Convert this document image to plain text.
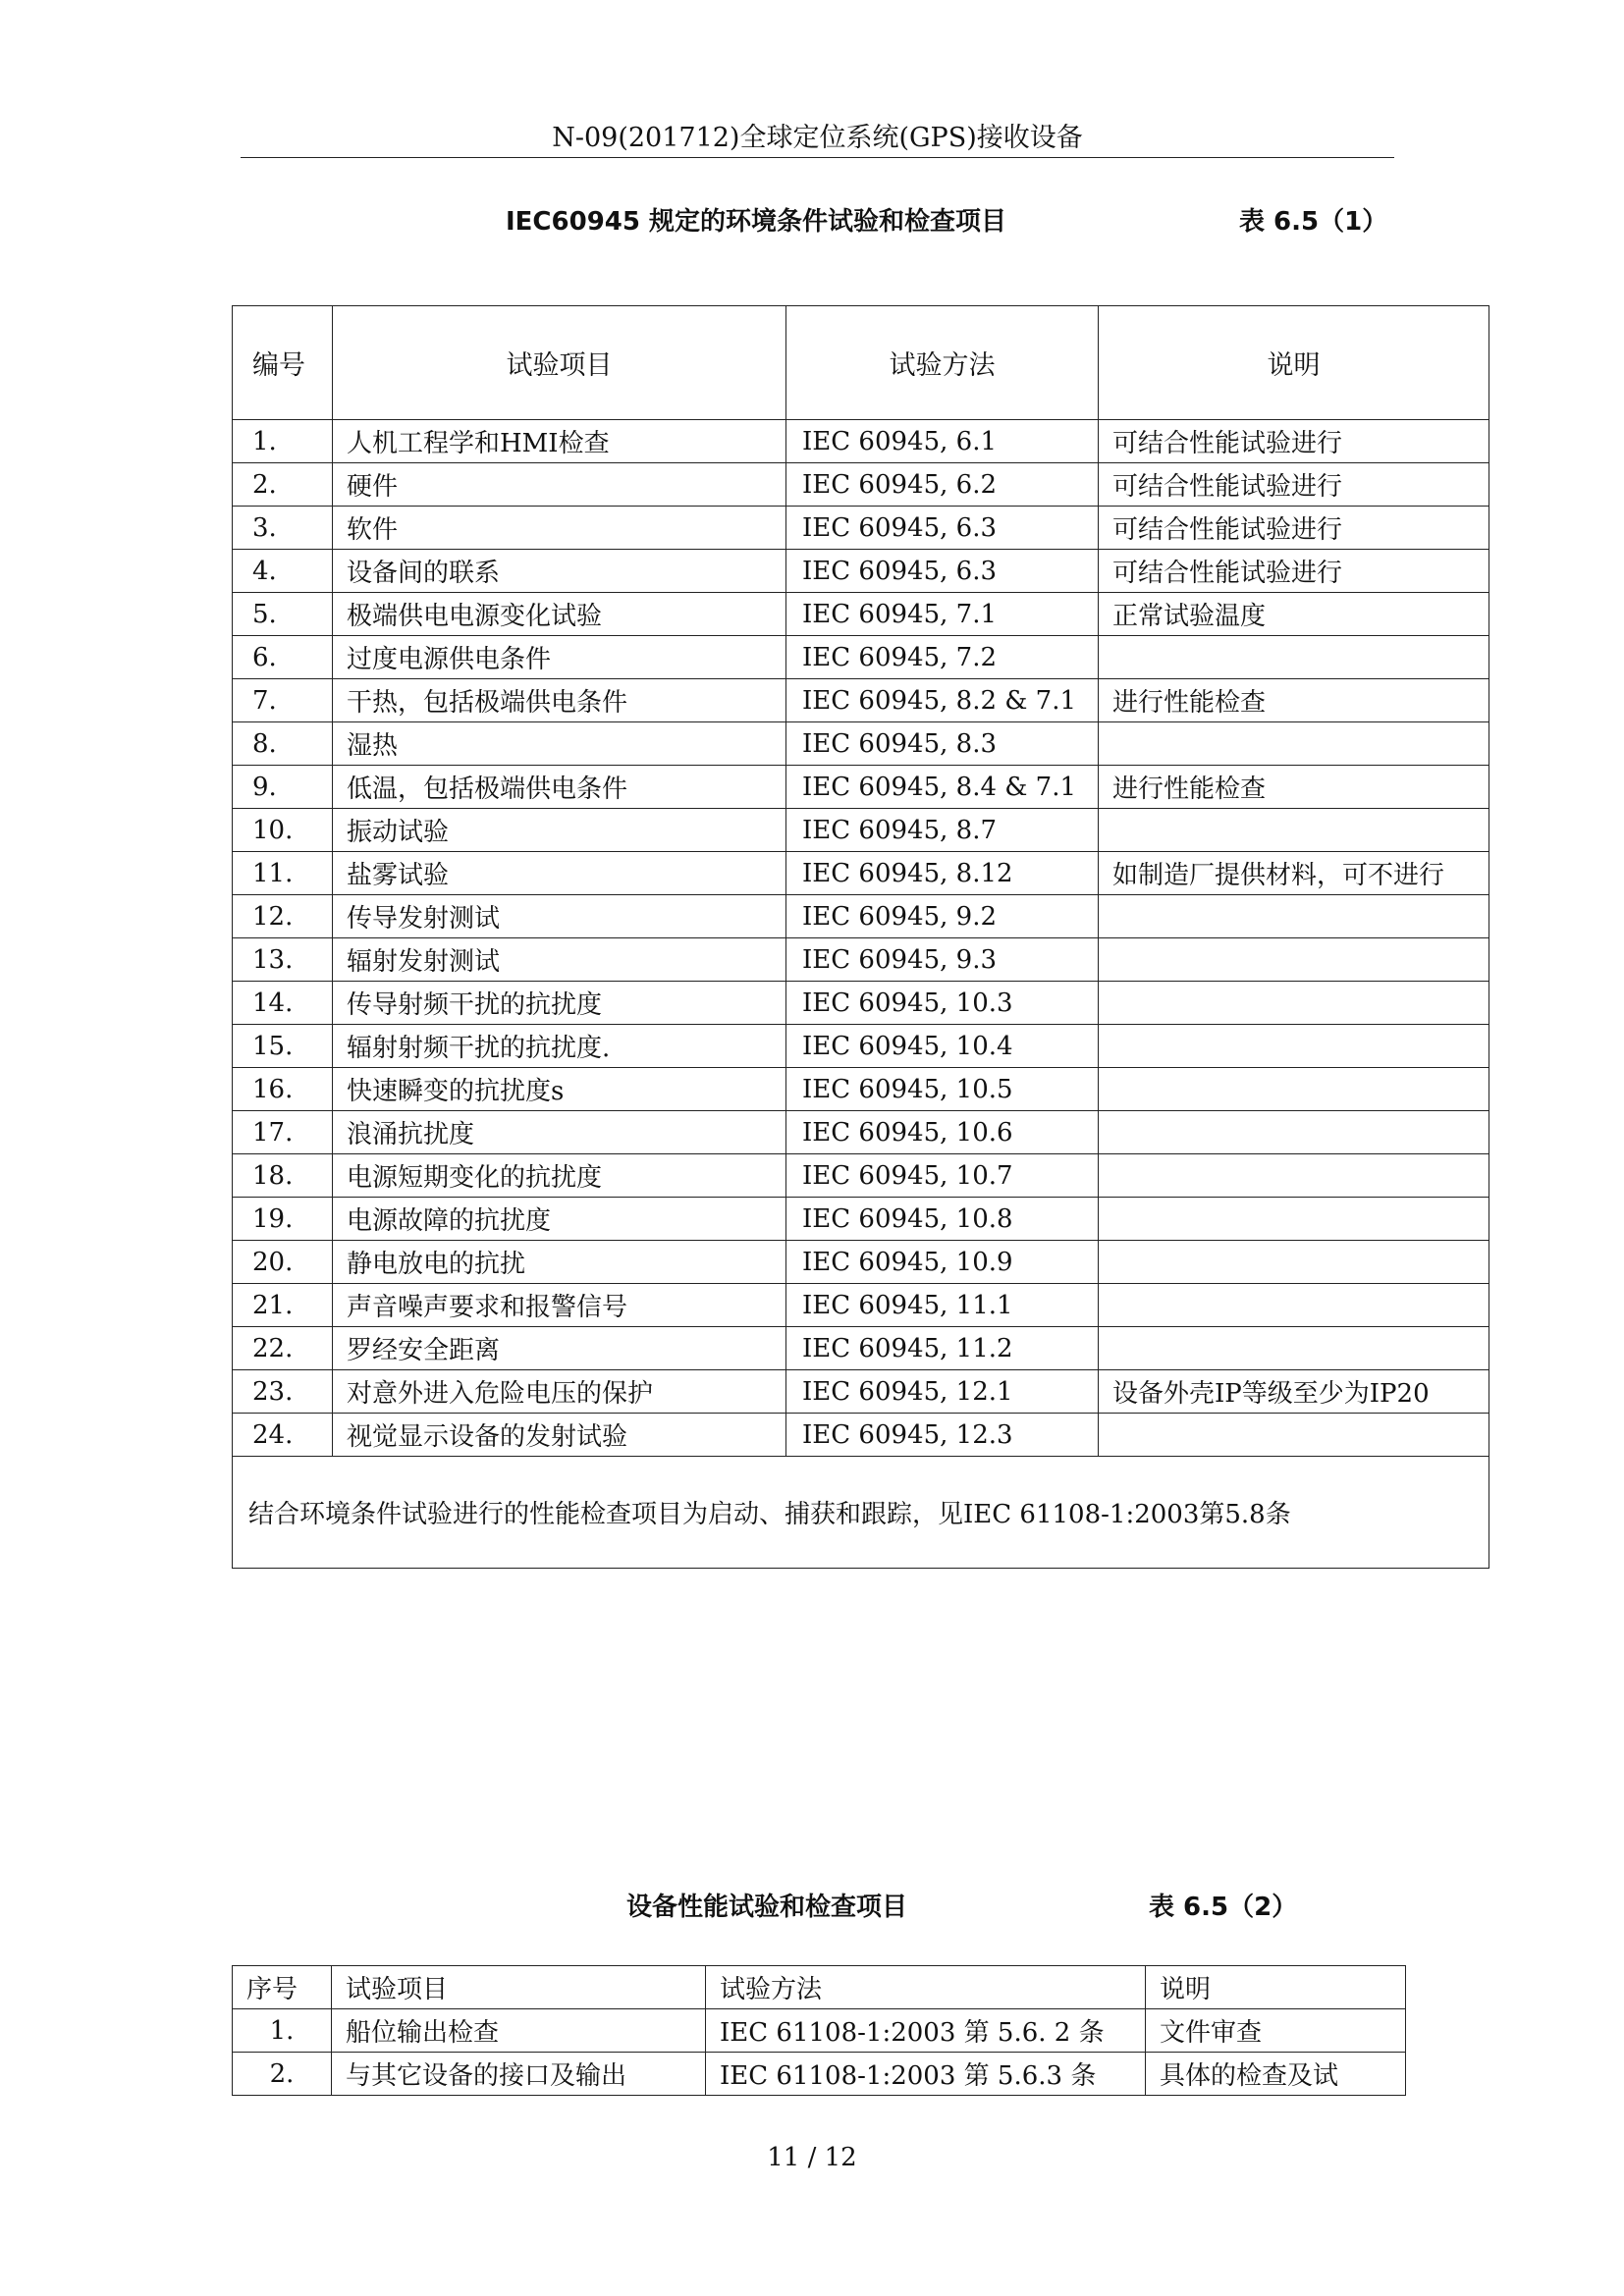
N-09(201712)全球定位系统(GPS)接收设备
IEC60945 规定的环境条件试验和检查项目	表 6.5（1）
编号	试验项目	试验方法	说明
1.	人机工程学和HMI检查	IEC 60945, 6.1	可结合性能试验进行
2.	硬件	IEC 60945, 6.2	可结合性能试验进行
3.	软件	IEC 60945, 6.3	可结合性能试验进行
4.	设备间的联系	IEC 60945, 6.3	可结合性能试验进行
5.	极端供电电源变化试验	IEC 60945, 7.1	正常试验温度
6.	过度电源供电条件	IEC 60945, 7.2	
7.	干热，包括极端供电条件	IEC 60945, 8.2 & 7.1	进行性能检查
8.	湿热	IEC 60945, 8.3	
9.	低温，包括极端供电条件	IEC 60945, 8.4 & 7.1	进行性能检查
10.	振动试验	IEC 60945, 8.7	
11.	盐雾试验	IEC 60945, 8.12	如制造厂提供材料，可不进行
12.	传导发射测试	IEC 60945, 9.2	
13.	辐射发射测试	IEC 60945, 9.3	
14.	传导射频干扰的抗扰度	IEC 60945, 10.3	
15.	辐射射频干扰的抗扰度.	IEC 60945, 10.4	
16.	快速瞬变的抗扰度s	IEC 60945, 10.5	
17.	浪涌抗扰度	IEC 60945, 10.6	
18.	电源短期变化的抗扰度	IEC 60945, 10.7	
19.	电源故障的抗扰度	IEC 60945, 10.8	
20.	静电放电的抗扰	IEC 60945, 10.9	
21.	声音噪声要求和报警信号	IEC 60945, 11.1	
22.	罗经安全距离	IEC 60945, 11.2	
23.	对意外进入危险电压的保护	IEC 60945, 12.1	设备外壳IP等级至少为IP20
24.	视觉显示设备的发射试验	IEC 60945, 12.3	
结合环境条件试验进行的性能检查项目为启动、捕获和跟踪，见IEC 61108-1:2003第5.8条			
设备性能试验和检查项目	表 6.5（2）
序号	试验项目	试验方法	说明
1.	船位输出检查	IEC 61108-1:2003 第 5.6. 2 条	文件审查
2.	与其它设备的接口及输出	IEC 61108-1:2003 第 5.6.3 条	具体的检查及试
11 / 12
